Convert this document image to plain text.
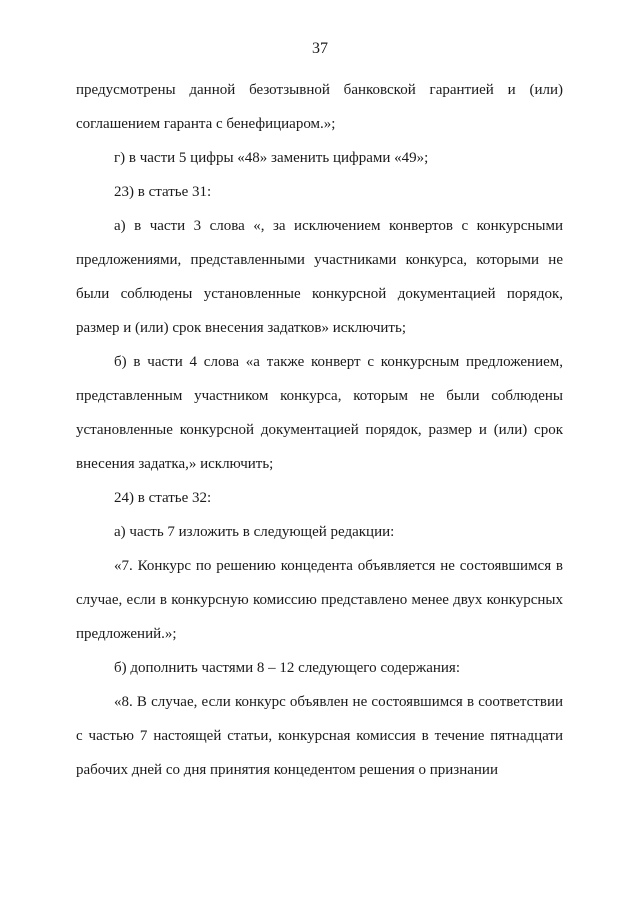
37

предусмотрены данной безотзывной банковской гарантией и (или) соглашением гаранта с бенефициаром.»;

г) в части 5 цифры «48» заменить цифрами «49»;

23) в статье 31:

а) в части 3 слова «, за исключением конвертов с конкурсными предложениями, представленными участниками конкурса, которыми не были соблюдены установленные конкурсной документацией порядок, размер и (или) срок внесения задатков» исключить;

б) в части 4 слова «а также конверт с конкурсным предложением, представленным участником конкурса, которым не были соблюдены установленные конкурсной документацией порядок, размер и (или) срок внесения задатка,» исключить;

24) в статье 32:

а) часть 7 изложить в следующей редакции:

«7. Конкурс по решению концедента объявляется не состоявшимся в случае, если в конкурсную комиссию представлено менее двух конкурсных предложений.»;

б) дополнить частями 8 – 12 следующего содержания:

«8. В случае, если конкурс объявлен не состоявшимся в соответствии с частью 7 настоящей статьи, конкурсная комиссия в течение пятнадцати рабочих дней со дня принятия концедентом решения о признании
